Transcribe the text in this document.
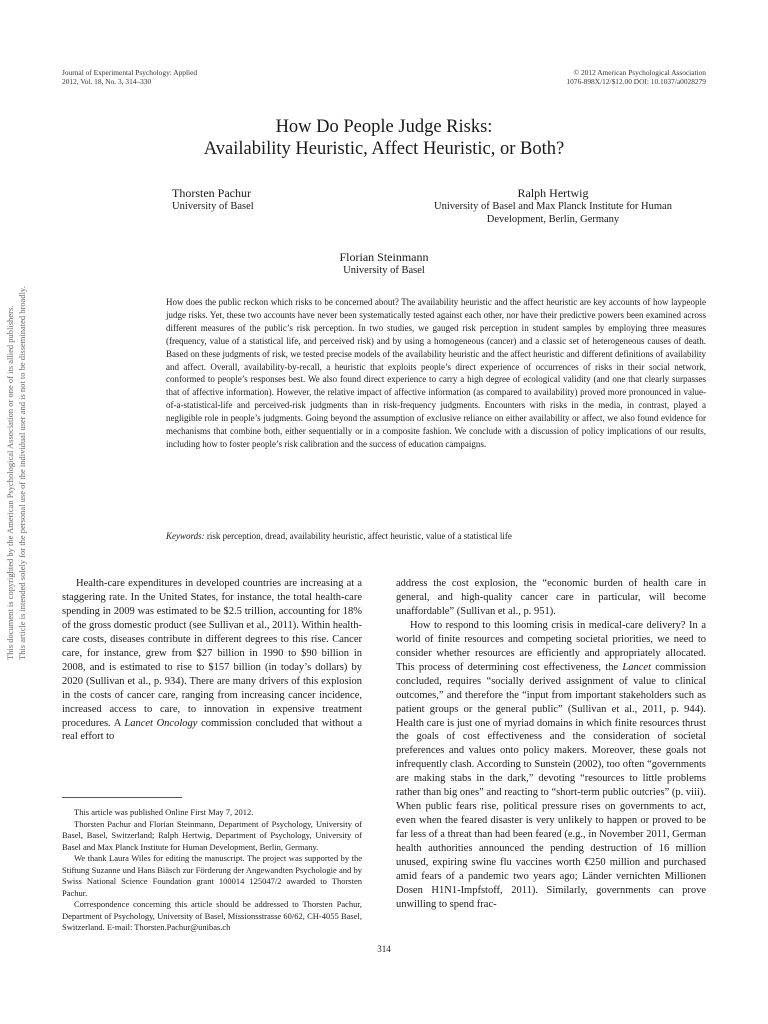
Journal of Experimental Psychology: Applied
2012, Vol. 18, No. 3, 314–330
© 2012 American Psychological Association
1076-898X/12/$12.00 DOI: 10.1037/a0028279
How Do People Judge Risks:
Availability Heuristic, Affect Heuristic, or Both?
Thorsten Pachur
University of Basel
Ralph Hertwig
University of Basel and Max Planck Institute for Human
Development, Berlin, Germany
Florian Steinmann
University of Basel
How does the public reckon which risks to be concerned about? The availability heuristic and the affect heuristic are key accounts of how laypeople judge risks. Yet, these two accounts have never been systematically tested against each other, nor have their predictive powers been examined across different measures of the public’s risk perception. In two studies, we gauged risk perception in student samples by employing three measures (frequency, value of a statistical life, and perceived risk) and by using a homogeneous (cancer) and a classic set of heterogeneous causes of death. Based on these judgments of risk, we tested precise models of the availability heuristic and the affect heuristic and different definitions of availability and affect. Overall, availability-by-recall, a heuristic that exploits people’s direct experience of occurrences of risks in their social network, conformed to people’s responses best. We also found direct experience to carry a high degree of ecological validity (and one that clearly surpasses that of affective information). However, the relative impact of affective information (as compared to availability) proved more pronounced in value-of-a-statistical-life and perceived-risk judgments than in risk-frequency judgments. Encounters with risks in the media, in contrast, played a negligible role in people’s judgments. Going beyond the assumption of exclusive reliance on either availability or affect, we also found evidence for mechanisms that combine both, either sequentially or in a composite fashion. We conclude with a discussion of policy implications of our results, including how to foster people’s risk calibration and the success of education campaigns.
Keywords: risk perception, dread, availability heuristic, affect heuristic, value of a statistical life

Health-care expenditures in developed countries are increasing at a staggering rate. In the United States, for instance, the total health-care spending in 2009 was estimated to be $2.5 trillion, accounting for 18% of the gross domestic product (see Sullivan et al., 2011). Within health-care costs, diseases contribute in different degrees to this rise. Cancer care, for instance, grew from $27 billion in 1990 to $90 billion in 2008, and is estimated to rise to $157 billion (in today’s dollars) by 2020 (Sullivan et al., p. 934). There are many drivers of this explosion in the costs of cancer care, ranging from increasing cancer incidence, increased access to care, to innovation in expensive treatment procedures. A Lancet Oncology commission concluded that without a real effort to

This article was published Online First May 7, 2012.

Thorsten Pachur and Florian Steinmann, Department of Psychology, University of Basel, Basel, Switzerland; Ralph Hertwig, Department of Psychology, University of Basel and Max Planck Institute for Human Development, Berlin, Germany.

We thank Laura Wiles for editing the manuscript. The project was supported by the Stiftung Suzanne und Hans Biäsch zur Förderung der Angewandten Psychologie and by Swiss National Science Foundation grant 100014 125047/2 awarded to Thorsten Pachur.

Correspondence concerning this article should be addressed to Thorsten Pachur, Department of Psychology, University of Basel, Missionsstrasse 60/62, CH-4055 Basel, Switzerland. E-mail: Thorsten.Pachur@unibas.ch

address the cost explosion, the “economic burden of health care in general, and high-quality cancer care in particular, will become unaffordable” (Sullivan et al., p. 951).

How to respond to this looming crisis in medical-care delivery? In a world of finite resources and competing societal priorities, we need to consider whether resources are efficiently and appropriately allocated. This process of determining cost effectiveness, the Lancet commission concluded, requires “socially derived assignment of value to clinical outcomes,” and therefore the “input from important stakeholders such as patient groups or the general public” (Sullivan et al., 2011, p. 944). Health care is just one of myriad domains in which finite resources thrust the goals of cost effectiveness and the consideration of societal preferences and values onto policy makers. Moreover, these goals not infrequently clash. According to Sunstein (2002), too often “governments are making stabs in the dark,” devoting “resources to little problems rather than big ones” and reacting to “short-term public outcries” (p. viii). When public fears rise, political pressure rises on governments to act, even when the feared disaster is very unlikely to happen or proved to be far less of a threat than had been feared (e.g., in November 2011, German health authorities announced the pending destruction of 16 million unused, expiring swine flu vaccines worth €250 million and purchased amid fears of a pandemic two years ago; Länder vernichten Millionen Dosen H1N1-Impfstoff, 2011). Similarly, governments can prove unwilling to spend frac-

314
This document is copyrighted by the American Psychological Association or one of its allied publishers. This article is intended solely for the personal use of the individual user and is not to be disseminated broadly.
